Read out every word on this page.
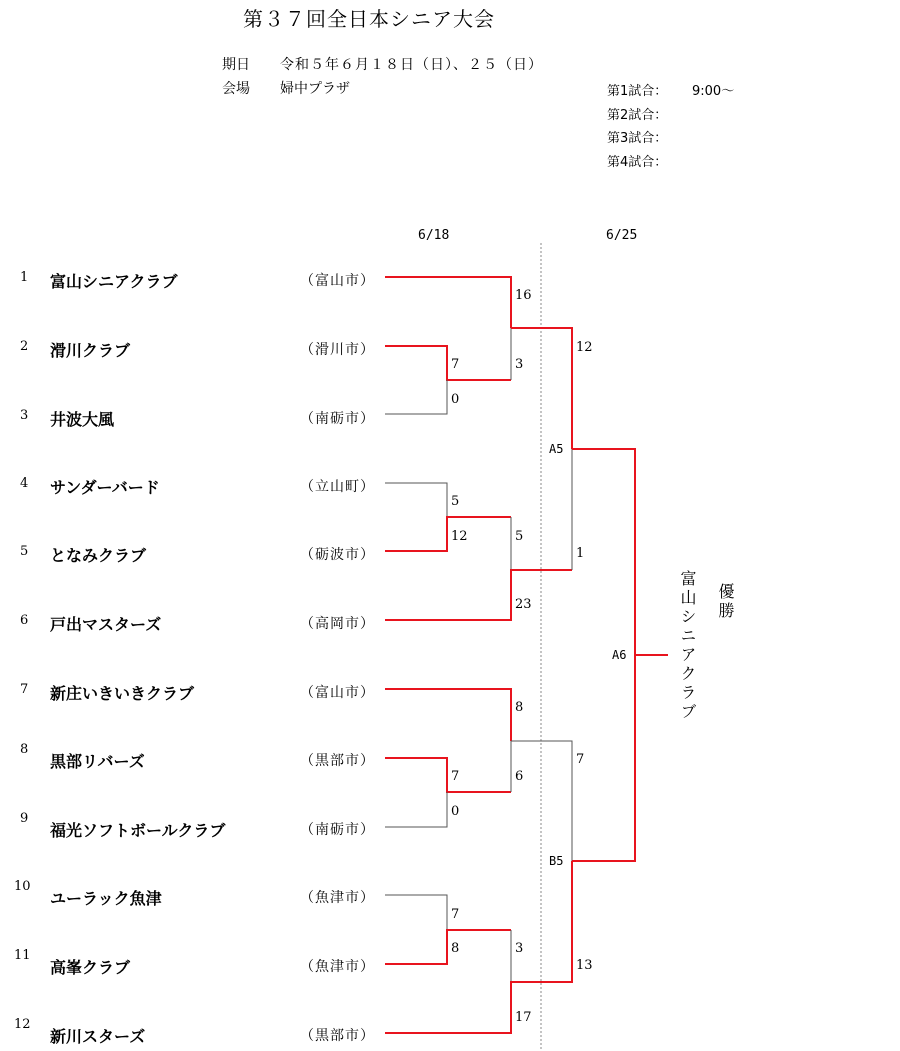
第３７回全日本シニア大会
期日 令和５年６月１８日（日）、２５（日）
会場 婦中プラザ	第1試合： 9:00～
第2試合：
第3試合：
第4試合：
6/18	6/25
1 富山シニアクラブ	（富山市）
2 滑川クラブ	（滑川市）
3 井波大風	（南砺市）
4 サンダーバード	（立山町）
5 となみクラブ	（砺波市）
6 戸出マスターズ	（高岡市）
7 新庄いきいきクラブ	（富山市）
8
黒部リバーズ	（黒部市）
9
福光ソフトボールクラブ	（南砺市）
10
ユーラック魚津	（魚津市）
11
高峯クラブ	（魚津市）
12
新川スターズ	（黒部市）
7
0
16
3
5
12	5
23
8
6
7
0
7
8	3
17
12
1
7
13
A5
A6
B5
富山シニアクラブ 優勝
